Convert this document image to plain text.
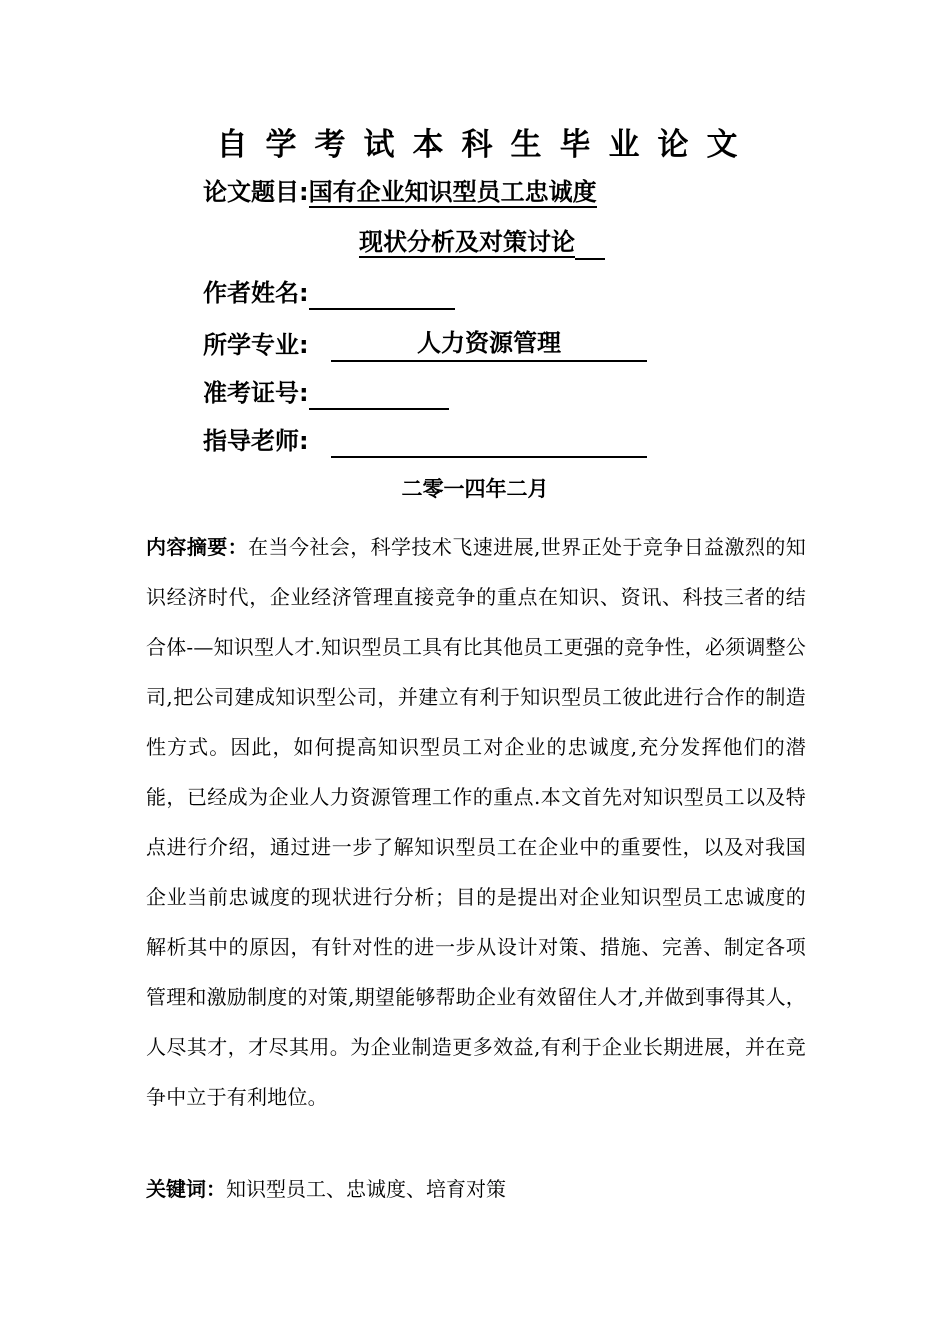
自学考试本科生毕业论文
论文题目:国有企业知识型员工忠诚度
现状分析及对策讨论
作者姓名:
所学专业:	人力资源管理
准考证号:
指导老师:
二零一四年二月
内容摘要：在当今社会，科学技术飞速进展,世界正处于竞争日益激烈的知识经济时代，企业经济管理直接竞争的重点在知识、资讯、科技三者的结合体-—知识型人才.知识型员工具有比其他员工更强的竞争性，必须调整公司,把公司建成知识型公司，并建立有利于知识型员工彼此进行合作的制造性方式。因此，如何提高知识型员工对企业的忠诚度,充分发挥他们的潜能，已经成为企业人力资源管理工作的重点.本文首先对知识型员工以及特点进行介绍，通过进一步了解知识型员工在企业中的重要性，以及对我国企业当前忠诚度的现状进行分析；目的是提出对企业知识型员工忠诚度的解析其中的原因，有针对性的进一步从设计对策、措施、完善、制定各项管理和激励制度的对策,期望能够帮助企业有效留住人才,并做到事得其人，人尽其才，才尽其用。为企业制造更多效益,有利于企业长期进展，并在竞争中立于有利地位。
关键词：知识型员工、忠诚度、培育对策
